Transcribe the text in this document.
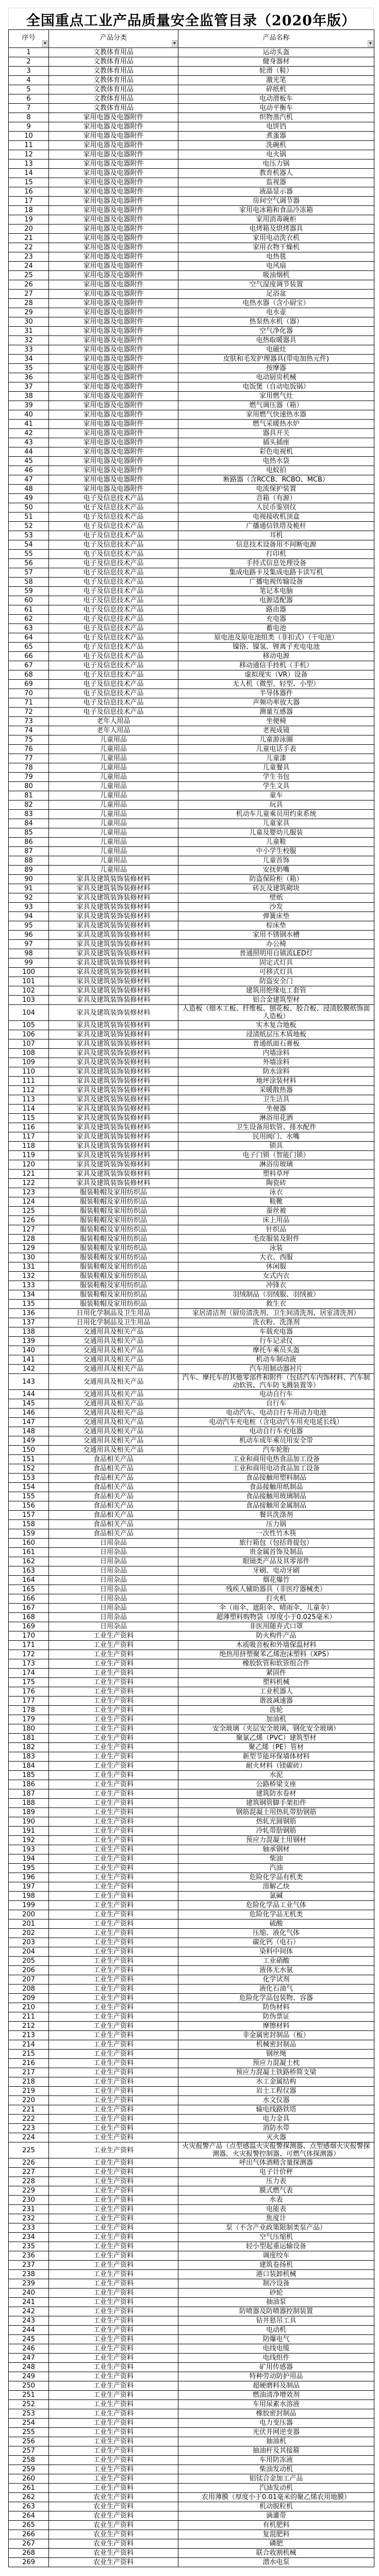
全国重点工业产品质量安全监管目录（2020年版）
序号
▼	产品分类
▼	产品名称
▼

1	文教体育用品	运动头盔
2	文教体育用品	健身器材
3	文教体育用品	轮滑（鞋）
4	文教体育用品	激光笔
5	文教体育用品	碎纸机
6	文教体育用品	电动滑板车
7	文教体育用品	电动平衡车
8	家用电器及电器附件	织物蒸汽机
9	家用电器及电器附件	电饼铛
10	家用电器及电器附件	煮蛋器
11	家用电器及电器附件	洗碗机
12	家用电器及电器附件	电火锅
13	家用电器及电器附件	电压力锅
14	家用电器及电器附件	教育机器人
15	家用电器及电器附件	监视器
16	家用电器及电器附件	液晶显示器
17	家用电器及电器附件	房间空气调节器
18	家用电器及电器附件	家用电冰箱和食品冷冻箱
19	家用电器及电器附件	家用消毒碗柜
20	家用电器及电器附件	电烤箱及烘烤器具
21	家用电器及电器附件	家用电动洗衣机
22	家用电器及电器附件	家用衣物干燥机
23	家用电器及电器附件	电热毯
24	家用电器及电器附件	电风扇
25	家用电器及电器附件	吸油烟机
26	家用电器及电器附件	空气湿度调节装置
27	家用电器及电器附件	足浴盆
28	家用电器及电器附件	电热水器（含小厨宝）
29	家用电器及电器附件	电水壶
30	家用电器及电器附件	热泵热水机（器）
31	家用电器及电器附件	空气净化器
32	家用电器及电器附件	电热取暖器具
33	家用电器及电器附件	电磁灶
34	家用电器及电器附件	皮肤和毛发护理器具(带电加热元件)
35	家用电器及电器附件	按摩器
36	家用电器及电器附件	电动厨房机械
37	家用电器及电器附件	电饭煲（自动电饭锅）
38	家用电器及电器附件	家用燃气灶
39	家用电器及电器附件	燃气调压器（箱）
40	家用电器及电器附件	家用燃气快速热水器
41	家用电器及电器附件	燃气采暖热水炉
42	家用电器及电器附件	器具开关
43	家用电器及电器附件	插头插座
44	家用电器及电器附件	彩色电视机
45	家用电器及电器附件	电热水袋
46	家用电器及电器附件	电蚊拍
47	家用电器及电器附件	断路器（含RCCB、RCBO、MCB）
48	家用电器及电器附件	电流保护装置
49	电子及信息技术产品	音箱（有源）
50	电子及信息技术产品	人民币鉴别仪
51	电子及信息技术产品	电视接收机顶盒
52	电子及信息技术产品	广播通信铁塔及桅杆
53	电子及信息技术产品	耳机
54	电子及信息技术产品	信息技术设备用不间断电源
55	电子及信息技术产品	打印机
56	电子及信息技术产品	手持式信息处理设备
57	电子及信息技术产品	集成电路卡及集成电路卡读写机
58	电子及信息技术产品	广播电视传输设备
59	电子及信息技术产品	笔记本电脑
60	电子及信息技术产品	电源适配器
61	电子及信息技术产品	路由器
62	电子及信息技术产品	充电器
63	电子及信息技术产品	蓄电池
64	电子及信息技术产品	原电池及原电池组类（非扣式）（干电池）
65	电子及信息技术产品	镍铬、镍氢、锂离子充电电池
66	电子及信息技术产品	移动电源
67	电子及信息技术产品	移动通信手持机（手机）
68	电子及信息技术产品	虚拟现实（VR）设备
69	电子及信息技术产品	无人机（微型、轻型、小型）
70	电子及信息技术产品	半导体器件
71	电子及信息技术产品	声频功率放大器
72	电子及信息技术产品	测量互感器
73	老年人用品	坐便椅
74	老年人用品	老视成镜
75	儿童用品	儿童游泳圈
76	儿童用品	儿童电话手表
77	儿童用品	儿童漆
78	儿童用品	儿童餐具
79	儿童用品	学生书包
80	儿童用品	学生文具
81	儿童用品	童车
82	儿童用品	玩具
83	儿童用品	机动车儿童乘员用约束系统
84	儿童用品	儿童家具
85	儿童用品	儿童及婴幼儿服装
86	儿童用品	儿童鞋
87	儿童用品	中小学生校服
88	儿童用品	儿童首饰
89	儿童用品	安抚奶嘴
90	家具及建筑装饰装修材料	防盗保险柜（箱）
91	家具及建筑装饰装修材料	砖瓦及建筑砌块
92	家具及建筑装饰装修材料	壁纸
93	家具及建筑装饰装修材料	沙发
94	家具及建筑装饰装修材料	弹簧床垫
95	家具及建筑装饰装修材料	棕床垫
96	家具及建筑装饰装修材料	家用不锈钢水槽
97	家具及建筑装饰装修材料	办公椅
98	家具及建筑装饰装修材料	普通照明用自镇流LED灯
99	家具及建筑装饰装修材料	固定式灯具
100	家具及建筑装饰装修材料	可移式灯具
101	家具及建筑装饰装修材料	防盗安全门
102	家具及建筑装饰装修材料	建筑用绝缘电工套管
103	家具及建筑装饰装修材料	铝合金建筑型材
104	家具及建筑装饰装修材料	人造板（细木工板、纤维板、刨花板、胶合板、浸渍胶膜纸饰面人造板）
105	家具及建筑装饰装修材料	实木复合地板
106	家具及建筑装饰装修材料	浸渍纸层压木质地板
107	家具及建筑装饰装修材料	普通纸面石膏板
108	家具及建筑装饰装修材料	内墙涂料
109	家具及建筑装饰装修材料	外墙涂料
110	家具及建筑装饰装修材料	防水涂料
111	家具及建筑装饰装修材料	地坪涂装材料
112	家具及建筑装饰装修材料	采暖散热器
113	家具及建筑装饰装修材料	卫生洁具
114	家具及建筑装饰装修材料	坐便器
115	家具及建筑装饰装修材料	淋浴用花洒
116	家具及建筑装饰装修材料	卫生设备用软管、排水配件
117	家具及建筑装饰装修材料	民用阀门、水嘴
118	家具及建筑装饰装修材料	锁具
119	家具及建筑装饰装修材料	电子门锁（智能门锁）
120	家具及建筑装饰装修材料	淋浴房玻璃
121	家具及建筑装饰装修材料	塑料草坪
122	家具及建筑装饰装修材料	陶瓷砖
123	服装鞋帽及家用纺织品	泳衣
124	服装鞋帽及家用纺织品	鞋靴
125	服装鞋帽及家用纺织品	蚕丝被
126	服装鞋帽及家用纺织品	床上用品
127	服装鞋帽及家用纺织品	针织品
128	服装鞋帽及家用纺织品	毛皮服装及附件
129	服装鞋帽及家用纺织品	泳装
130	服装鞋帽及家用纺织品	大衣、西服
131	服装鞋帽及家用纺织品	休闲服
132	服装鞋帽及家用纺织品	女式内衣
133	服装鞋帽及家用纺织品	冲锋衣
134	服装鞋帽及家用纺织品	羽绒制品（羽绒服、羽绒被）
135	服装鞋帽及家用纺织品	救生衣
136	日用化学制品及卫生用品	家居清洁剂（厨房清洗剂、卫生间清洗剂、居室清洗剂）
137	日用化学制品及卫生用品	洗衣粉、洗涤剂
138	交通用具及相关产品	车载充电器
139	交通用具及相关产品	行车记录仪
140	交通用具及相关产品	摩托车乘员头盔
141	交通用具及相关产品	机动车制动液
142	交通用具及相关产品	汽车用制动器衬片
143	交通用具及相关产品	汽车、摩托车的其他零部件和附件（包括汽车内饰材料、汽车制动软管、汽车防飞溅装置等）
144	交通用具及相关产品	电动自行车
145	交通用具及相关产品	自行车
146	交通用具及相关产品	电动汽车、电动自行车用动力电池
147	交通用具及相关产品	电动汽车充电桩（含电动汽车用充电延长线）
148	交通用具及相关产品	电动自行车充电器
149	交通用具及相关产品	机动车成年乘员用安全带
150	交通用具及相关产品	汽车轮胎
151	食品相关产品	工业和商用电热食品加工设备
152	食品相关产品	工业和商用电动食品加工设备
153	食品相关产品	食品接触用塑料制品
154	食品相关产品	食品接触用纸制品
155	食品相关产品	食品接触用玻璃制品
156	食品相关产品	食品接触用金属制品
157	食品相关产品	餐具洗涤剂
158	食品相关产品	压力锅
159	食品相关产品	一次性竹木筷
160	日用杂品	旅行箱包（包括背提包）
161	日用杂品	贵金属首饰及制品
162	日用杂品	眼镜类产品及其零部件
163	日用杂品	牙刷、电动牙刷
164	日用杂品	烟花爆竹
165	日用杂品	残疾人辅助器具（非医疗器械类）
166	日用杂品	打火机
167	日用杂品	伞（雨伞、遮阳伞、晴雨伞、儿童伞）
168	日用杂品	超薄塑料购物袋（厚度小于0.025毫米）
169	日用杂品	非医用随弃式口罩
170	工业生产资料	防火构件产品
171	工业生产资料	木质吸音板和外墙保温材料
172	工业生产资料	绝热用挤塑聚苯乙烯泡沫塑料（XPS）
173	工业生产资料	橡胶软管和软管组合件
174	工业生产资料	紧固件
175	工业生产资料	塑料机械
176	工业生产资料	工业机器人
177	工业生产资料	谐波减速器
178	工业生产资料	齿轮
179	工业生产资料	加油机
180	工业生产资料	安全玻璃（夹层安全玻璃、钢化安全玻璃）
181	工业生产资料	聚氯乙烯（PVC）建筑型材
182	工业生产资料	聚乙烯（PE）管材
183	工业生产资料	新型节能环保墙体材料
184	工业生产资料	耐火材料（镁碳砖）
185	工业生产资料	水泥
186	工业生产资料	公路桥梁支座
187	工业生产资料	建筑防水卷材
188	工业生产资料	建筑钢管脚手架扣件
189	工业生产资料	钢筋混凝土用热轧带肋钢筋
190	工业生产资料	热轧光圆钢筋
191	工业生产资料	冷轧带肋钢筋
192	工业生产资料	预应力混凝土用钢材
193	工业生产资料	轴承钢材
194	工业生产资料	柴油
195	工业生产资料	汽油
196	工业生产资料	危险化学品有机类
197	工业生产资料	溶解乙炔
198	工业生产资料	氯碱
199	工业生产资料	危险化学品工业气体
200	工业生产资料	危险化学品无机类
201	工业生产资料	硫酸
202	工业生产资料	压缩、液化气体
203	工业生产资料	碳化钙（电石）
204	工业生产资料	染料中间体
205	工业生产资料	工业硝酸
206	工业生产资料	液体无水氨
207	工业生产资料	化学试剂
208	工业生产资料	液化石油气
209	工业生产资料	危险化学品包装物、容器
210	工业生产资料	防伪材料
211	工业生产资料	防伪票证
212	工业生产资料	摩擦材料
213	工业生产资料	非金属密封制品（板）
214	工业生产资料	机械密封制品
215	工业生产资料	钢丝绳
216	工业生产资料	预应力混凝土枕
217	工业生产资料	预应力混凝土铁路桥简支梁
218	工业生产资料	水工金属结构
219	工业生产资料	岩土工程仪器
220	工业生产资料	水文仪器
221	工业生产资料	输电线路铁塔
222	工业生产资料	电力金具
223	工业生产资料	消防水带
224	工业生产资料	灭火器
225	工业生产资料	火灾报警产品（点型感温火灾报警探测器、点型感烟火灾报警探测器、火灾报警控制器、可燃气体探测器）
226	工业生产资料	呼出气体酒精含量探测器
227	工业生产资料	电子计价秤
228	工业生产资料	压力表
229	工业生产资料	膜式燃气表
230	工业生产资料	水表
231	工业生产资料	电能表
232	工业生产资料	焦度计
233	工业生产资料	泵（不含产业政策限制类泵产品）
234	工业生产资料	空气压缩机
235	工业生产资料	轻小型起重运输设备
236	工业生产资料	调度绞车
237	工业生产资料	建筑卷扬机
238	工业生产资料	港口装卸机械
239	工业生产资料	制冷设备
240	工业生产资料	砂轮
241	工业生产资料	抽油泵
242	工业生产资料	防喷器及防喷器控制装置
243	工业生产资料	钻井悬吊工具
244	工业生产资料	电动机
245	工业生产资料	防爆电气
246	工业生产资料	电线电缆
247	工业生产资料	电线组件
248	工业生产资料	矿用传感器
249	工业生产资料	特种劳动防护用品
250	工业生产资料	超硬磨料及制品
251	工业生产资料	燃油清净增效剂
252	工业生产资料	车用尿素水溶液
253	工业生产资料	橡胶密封制品
254	工业生产资料	电力变压器
255	工业生产资料	光伏并网逆变器
256	工业生产资料	抽油机
257	工业生产资料	抽油杆及其接箍
258	工业生产资料	车用防冻液
259	工业生产资料	柴油发动机
260	工业生产资料	铝钛合金加工产品
261	工业生产资料	汽油发动机
262	农业生产资料	农用薄膜（厚度小于0.01毫米的聚乙烯农用地膜）
263	农业生产资料	机动脱粒机
264	农业生产资料	滴灌带
265	农业生产资料	有机肥料
266	农业生产资料	复混肥料
267	农业生产资料	磷肥
268	农业生产资料	联合收割机械
269	农业生产资料	潜水电泵
